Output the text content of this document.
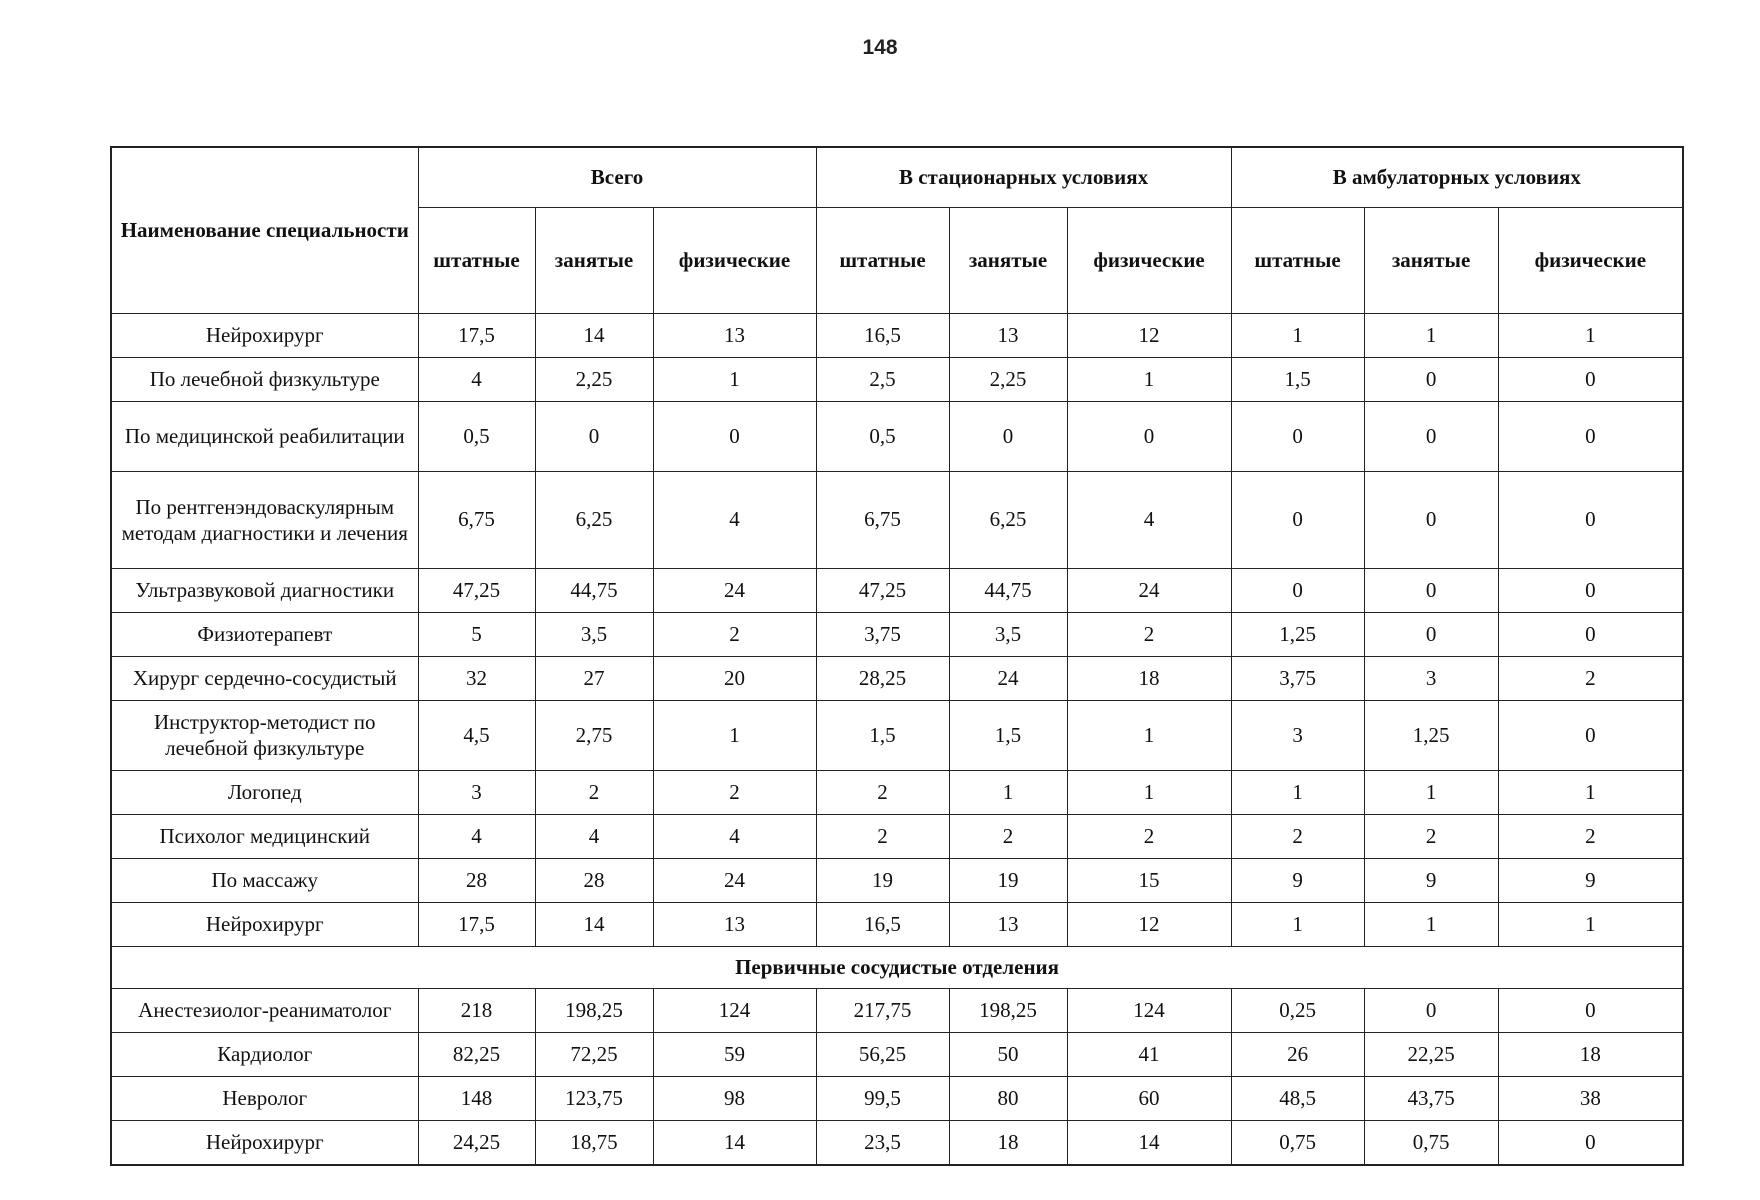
148
Наименование специальности	Всего			В стационарных условиях			В амбулаторных условиях		
	штатные	занятые	физические	штатные	занятые	физические	штатные	занятые	физические
Нейрохирург	17,5	14	13	16,5	13	12	1	1	1
По лечебной физкультуре	4	2,25	1	2,5	2,25	1	1,5	0	0
По медицинской реабилитации	0,5	0	0	0,5	0	0	0	0	0
По рентгенэндоваскулярным методам диагностики и лечения	6,75	6,25	4	6,75	6,25	4	0	0	0
Ультразвуковой диагностики	47,25	44,75	24	47,25	44,75	24	0	0	0
Физиотерапевт	5	3,5	2	3,75	3,5	2	1,25	0	0
Хирург сердечно-сосудистый	32	27	20	28,25	24	18	3,75	3	2
Инструктор-методист по лечебной физкультуре	4,5	2,75	1	1,5	1,5	1	3	1,25	0
Логопед	3	2	2	2	1	1	1	1	1
Психолог медицинский	4	4	4	2	2	2	2	2	2
По массажу	28	28	24	19	19	15	9	9	9
Нейрохирург	17,5	14	13	16,5	13	12	1	1	1
Первичные сосудистые отделения									
Анестезиолог-реаниматолог	218	198,25	124	217,75	198,25	124	0,25	0	0
Кардиолог	82,25	72,25	59	56,25	50	41	26	22,25	18
Невролог	148	123,75	98	99,5	80	60	48,5	43,75	38
Нейрохирург	24,25	18,75	14	23,5	18	14	0,75	0,75	0
